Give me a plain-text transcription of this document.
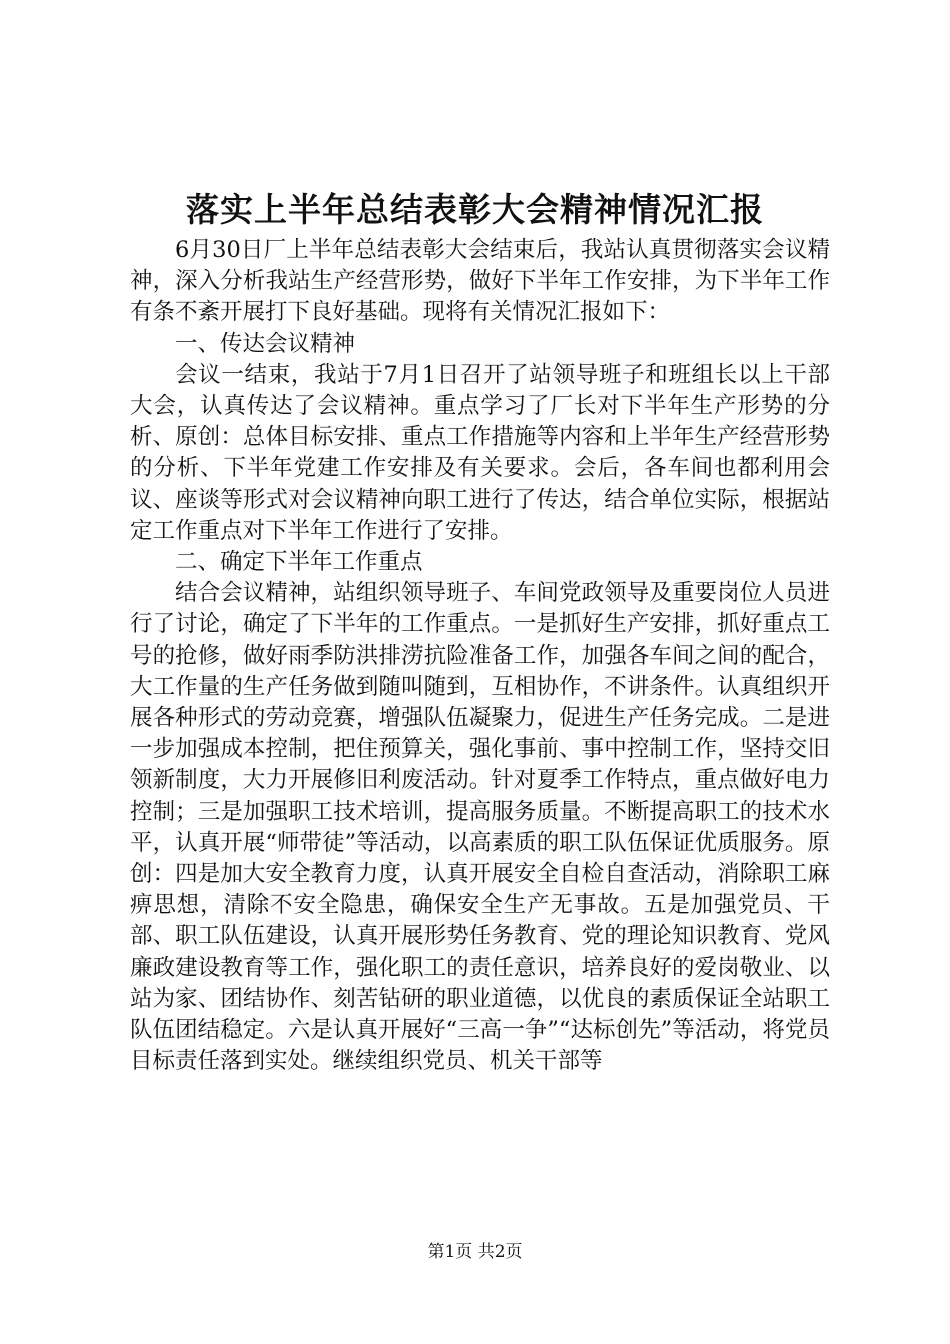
落实上半年总结表彰大会精神情况汇报

6月30日厂上半年总结表彰大会结束后，我站认真贯彻落实会议精神，深入分析我站生产经营形势，做好下半年工作安排，为下半年工作有条不紊开展打下良好基础。现将有关情况汇报如下：

一、传达会议精神

会议一结束，我站于7月1日召开了站领导班子和班组长以上干部大会，认真传达了会议精神。重点学习了厂长对下半年生产形势的分析、原创：总体目标安排、重点工作措施等内容和上半年生产经营形势的分析、下半年党建工作安排及有关要求。会后，各车间也都利用会议、座谈等形式对会议精神向职工进行了传达，结合单位实际，根据站定工作重点对下半年工作进行了安排。

二、确定下半年工作重点

结合会议精神，站组织领导班子、车间党政领导及重要岗位人员进行了讨论，确定了下半年的工作重点。一是抓好生产安排，抓好重点工号的抢修，做好雨季防洪排涝抗险准备工作，加强各车间之间的配合，大工作量的生产任务做到随叫随到，互相协作，不讲条件。认真组织开展各种形式的劳动竞赛，增强队伍凝聚力，促进生产任务完成。二是进一步加强成本控制，把住预算关，强化事前、事中控制工作，坚持交旧领新制度，大力开展修旧利废活动。针对夏季工作特点，重点做好电力控制；三是加强职工技术培训，提高服务质量。不断提高职工的技术水平，认真开展“师带徒”等活动，以高素质的职工队伍保证优质服务。原创：四是加大安全教育力度，认真开展安全自检自查活动，消除职工麻痹思想，清除不安全隐患，确保安全生产无事故。五是加强党员、干部、职工队伍建设，认真开展形势任务教育、党的理论知识教育、党风廉政建设教育等工作，强化职工的责任意识，培养良好的爱岗敬业、以站为家、团结协作、刻苦钻研的职业道德，以优良的素质保证全站职工队伍团结稳定。六是认真开展好“三高一争”“达标创先”等活动，将党员目标责任落到实处。继续组织党员、机关干部等

第1页 共2页
